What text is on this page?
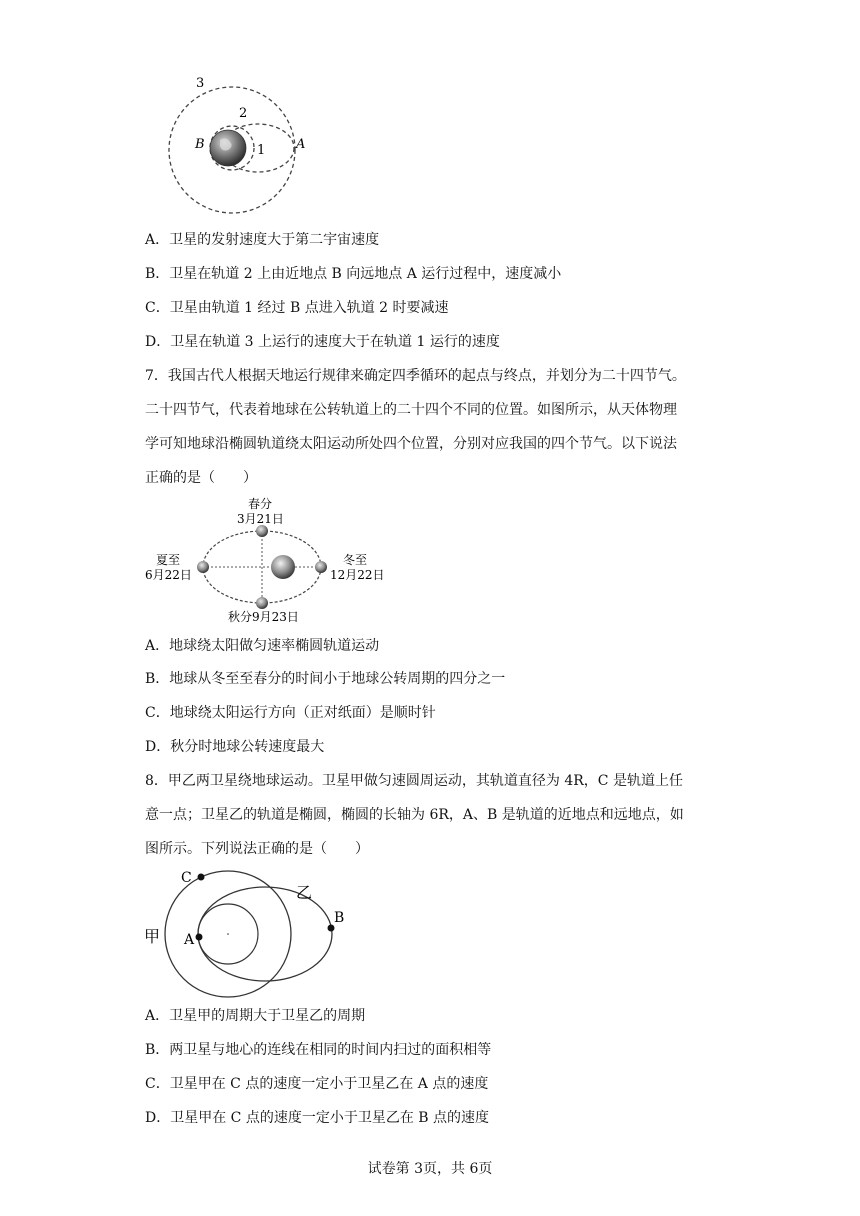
3
2
1
B	A
A．卫星的发射速度大于第二宇宙速度
B．卫星在轨道 2 上由近地点 B 向远地点 A 运行过程中，速度减小
C．卫星由轨道 1 经过 B 点进入轨道 2 时要减速
D．卫星在轨道 3 上运行的速度大于在轨道 1 运行的速度
7．我国古代人根据天地运行规律来确定四季循环的起点与终点，并划分为二十四节气。
二十四节气，代表着地球在公转轨道上的二十四个不同的位置。如图所示，从天体物理
学可知地球沿椭圆轨道绕太阳运动所处四个位置，分别对应我国的四个节气。以下说法
正确的是（　　）
春分
3月21日
夏至
6月22日
冬至
12月22日
秋分9月23日
A．地球绕太阳做匀速率椭圆轨道运动
B．地球从冬至至春分的时间小于地球公转周期的四分之一
C．地球绕太阳运行方向（正对纸面）是顺时针
D．秋分时地球公转速度最大
8．甲乙两卫星绕地球运动。卫星甲做匀速圆周运动，其轨道直径为 4R，C 是轨道上任
意一点；卫星乙的轨道是椭圆，椭圆的长轴为 6R，A、B 是轨道的近地点和远地点，如
图所示。下列说法正确的是（　　）
C
乙
B
甲 A
A．卫星甲的周期大于卫星乙的周期
B．两卫星与地心的连线在相同的时间内扫过的面积相等
C．卫星甲在 C 点的速度一定小于卫星乙在 A 点的速度
D．卫星甲在 C 点的速度一定小于卫星乙在 B 点的速度
试卷第 3页，共 6页
